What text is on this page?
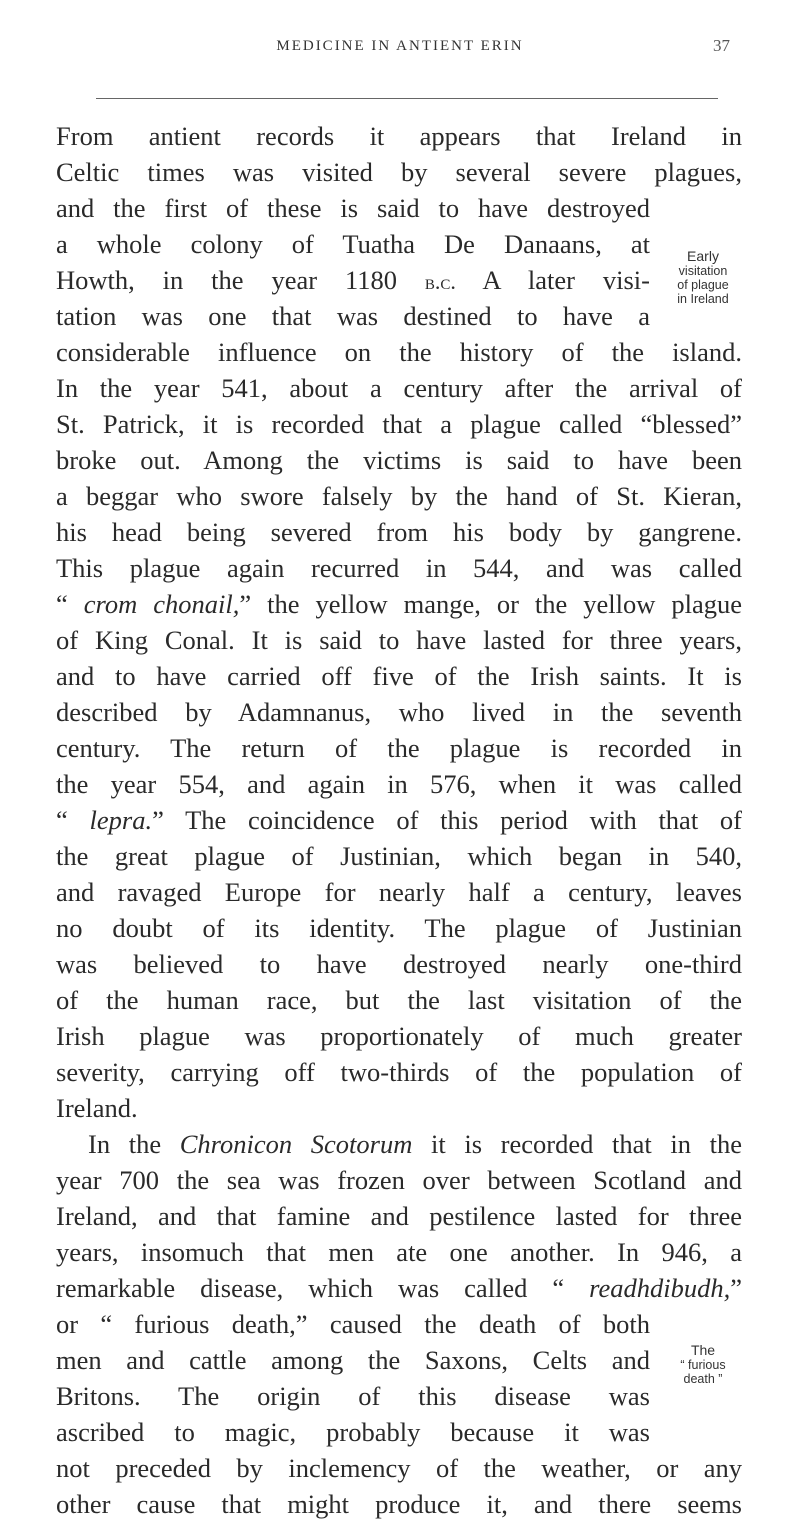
MEDICINE IN ANTIENT ERIN	37
From antient records it appears that Ireland in
Celtic times was visited by several severe plagues,
and the first of these is said to have destroyed
a whole colony of Tuatha De Danaans, at
Howth, in the year 1180 b.c. A later visi-
tation was one that was destined to have a
considerable influence on the history of the island.
In the year 541, about a century after the arrival of
St. Patrick, it is recorded that a plague called “blessed”
broke out. Among the victims is said to have been
a beggar who swore falsely by the hand of St. Kieran,
his head being severed from his body by gangrene.
This plague again recurred in 544, and was called
“ crom chonail,” the yellow mange, or the yellow plague
of King Conal. It is said to have lasted for three years,
and to have carried off five of the Irish saints. It is
described by Adamnanus, who lived in the seventh
century. The return of the plague is recorded in
the year 554, and again in 576, when it was called
“ lepra.” The coincidence of this period with that of
the great plague of Justinian, which began in 540,
and ravaged Europe for nearly half a century, leaves
no doubt of its identity. The plague of Justinian
was believed to have destroyed nearly one-third
of the human race, but the last visitation of the
Irish plague was proportionately of much greater
severity, carrying off two-thirds of the population of
Ireland.
In the Chronicon Scotorum it is recorded that in the
year 700 the sea was frozen over between Scotland and
Ireland, and that famine and pestilence lasted for three
years, insomuch that men ate one another. In 946, a
remarkable disease, which was called “ readhdibudh,”
or “ furious death,” caused the death of both
men and cattle among the Saxons, Celts and
Britons. The origin of this disease was
ascribed to magic, probably because it was
not preceded by inclemency of the weather, or any
other cause that might produce it, and there seems
Early
visitation
of plague
in Ireland
The
“ furious
death ”
